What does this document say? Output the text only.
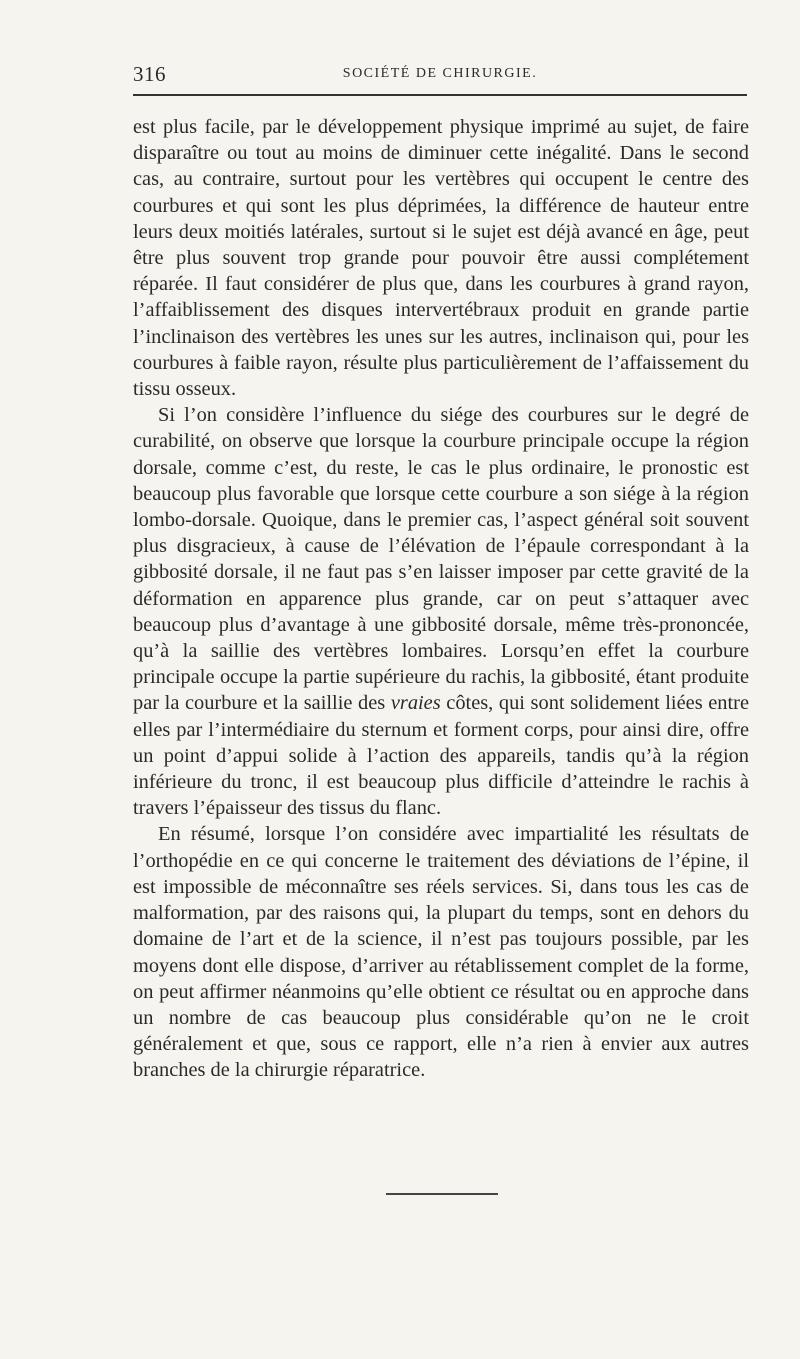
316	SOCIÉTÉ DE CHIRURGIE.

est plus facile, par le développement physique imprimé au sujet, de faire disparaître ou tout au moins de diminuer cette inégalité. Dans le second cas, au contraire, surtout pour les vertèbres qui occupent le centre des courbures et qui sont les plus déprimées, la différence de hauteur entre leurs deux moitiés latérales, surtout si le sujet est déjà avancé en âge, peut être plus souvent trop grande pour pouvoir être aussi complétement réparée. Il faut considérer de plus que, dans les courbures à grand rayon, l’affaiblissement des disques intervertébraux produit en grande partie l’inclinaison des vertèbres les unes sur les autres, inclinaison qui, pour les courbures à faible rayon, résulte plus particulièrement de l’affaissement du tissu osseux.

Si l’on considère l’influence du siége des courbures sur le degré de curabilité, on observe que lorsque la courbure principale occupe la région dorsale, comme c’est, du reste, le cas le plus ordinaire, le pronostic est beaucoup plus favorable que lorsque cette courbure a son siége à la région lombo-dorsale. Quoique, dans le premier cas, l’aspect général soit souvent plus disgracieux, à cause de l’élévation de l’épaule correspondant à la gibbosité dorsale, il ne faut pas s’en laisser imposer par cette gravité de la déformation en apparence plus grande, car on peut s’attaquer avec beaucoup plus d’avantage à une gibbosité dorsale, même très-prononcée, qu’à la saillie des vertèbres lombaires. Lorsqu’en effet la courbure principale occupe la partie supérieure du rachis, la gibbosité, étant produite par la courbure et la saillie des vraies côtes, qui sont solidement liées entre elles par l’intermédiaire du sternum et forment corps, pour ainsi dire, offre un point d’appui solide à l’action des appareils, tandis qu’à la région inférieure du tronc, il est beaucoup plus difficile d’atteindre le rachis à travers l’épaisseur des tissus du flanc.

En résumé, lorsque l’on considére avec impartialité les résultats de l’orthopédie en ce qui concerne le traitement des déviations de l’épine, il est impossible de méconnaître ses réels services. Si, dans tous les cas de malformation, par des raisons qui, la plupart du temps, sont en dehors du domaine de l’art et de la science, il n’est pas toujours possible, par les moyens dont elle dispose, d’arriver au rétablissement complet de la forme, on peut affirmer néanmoins qu’elle obtient ce résultat ou en approche dans un nombre de cas beaucoup plus considérable qu’on ne le croit généralement et que, sous ce rapport, elle n’a rien à envier aux autres branches de la chirurgie réparatrice.
